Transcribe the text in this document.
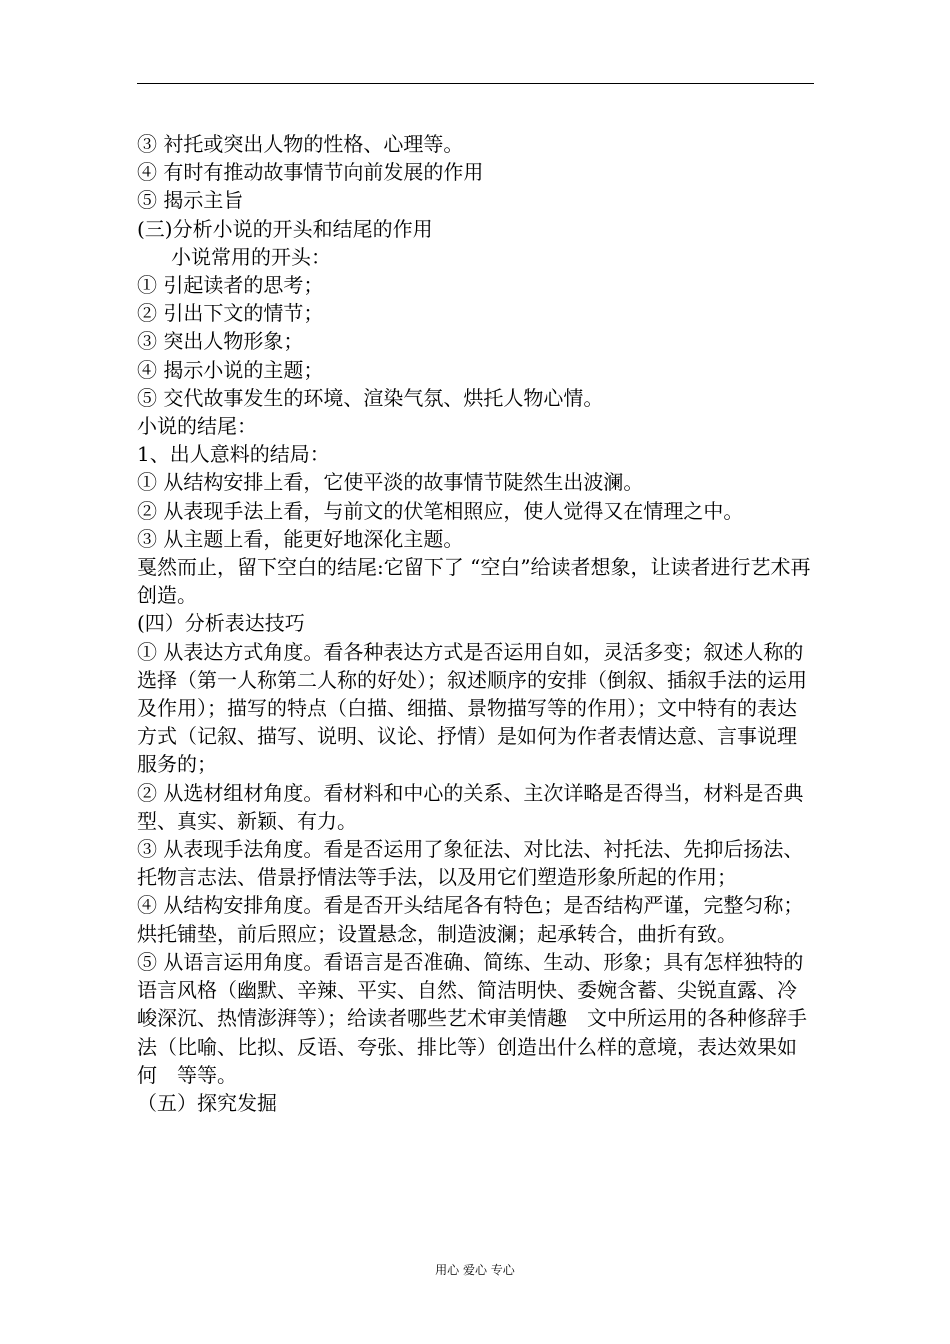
③ 衬托或突出人物的性格、心理等。

④ 有时有推动故事情节向前发展的作用

⑤ 揭示主旨

(三)分析小说的开头和结尾的作用

小说常用的开头：

① 引起读者的思考；

② 引出下文的情节；

③ 突出人物形象；

④ 揭示小说的主题；

⑤ 交代故事发生的环境、渲染气氛、烘托人物心情。

小说的结尾：

1、出人意料的结局：

① 从结构安排上看，它使平淡的故事情节陡然生出波澜。

② 从表现手法上看，与前文的伏笔相照应，使人觉得又在情理之中。

③ 从主题上看，能更好地深化主题。

戛然而止，留下空白的结尾:它留下了 “空白”给读者想象，让读者进行艺术再创造。

(四）分析表达技巧

① 从表达方式角度。看各种表达方式是否运用自如，灵活多变；叙述人称的选择（第一人称第二人称的好处）；叙述顺序的安排（倒叙、插叙手法的运用及作用）；描写的特点（白描、细描、景物描写等的作用）；文中特有的表达方式（记叙、描写、说明、议论、抒情）是如何为作者表情达意、言事说理服务的；

② 从选材组材角度。看材料和中心的关系、主次详略是否得当，材料是否典型、真实、新颖、有力。

③ 从表现手法角度。看是否运用了象征法、对比法、衬托法、先抑后扬法、托物言志法、借景抒情法等手法，以及用它们塑造形象所起的作用；

④ 从结构安排角度。看是否开头结尾各有特色；是否结构严谨，完整匀称；烘托铺垫，前后照应；设置悬念，制造波澜；起承转合，曲折有致。

⑤ 从语言运用角度。看语言是否准确、简练、生动、形象；具有怎样独特的语言风格（幽默、辛辣、平实、自然、简洁明快、委婉含蓄、尖锐直露、冷峻深沉、热情澎湃等）；给读者哪些艺术审美情趣　文中所运用的各种修辞手法（比喻、比拟、反语、夸张、排比等）创造出什么样的意境，表达效果如何　等等。

（五）探究发掘

用心 爱心 专心
